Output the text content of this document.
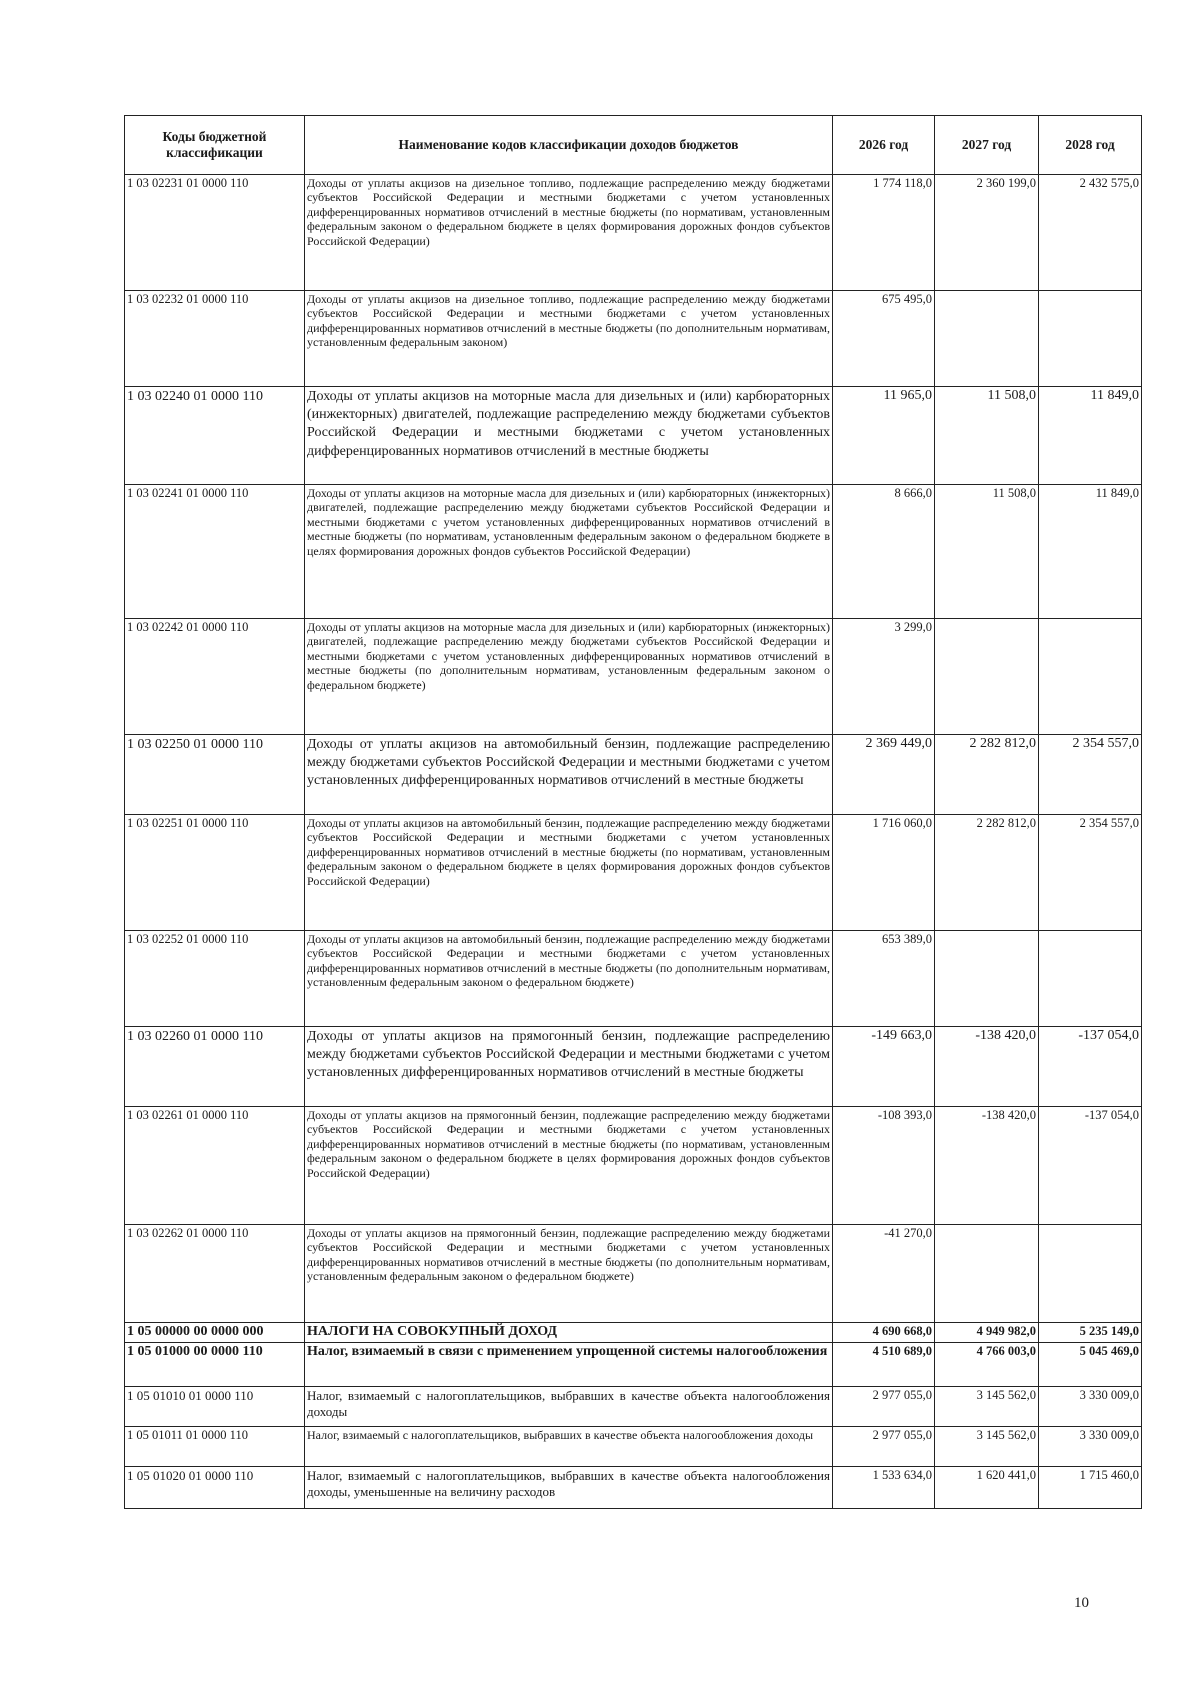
Коды бюджетной классификации	Наименование кодов классификации доходов бюджетов	2026 год	2027 год	2028 год
1 03 02231 01 0000 110	Доходы от уплаты акцизов на дизельное топливо, подлежащие распределению между бюджетами субъектов Российской Федерации и местными бюджетами с учетом установленных дифференцированных нормативов отчислений в местные бюджеты (по нормативам, установленным федеральным законом о федеральном бюджете в целях формирования дорожных фондов субъектов Российской Федерации)	1 774 118,0	2 360 199,0	2 432 575,0
1 03 02232 01 0000 110	Доходы от уплаты акцизов на дизельное топливо, подлежащие распределению между бюджетами субъектов Российской Федерации и местными бюджетами с учетом установленных дифференцированных нормативов отчислений в местные бюджеты (по дополнительным нормативам, установленным федеральным законом)	675 495,0		
1 03 02240 01 0000 110	Доходы от уплаты акцизов на моторные масла для дизельных и (или) карбюраторных (инжекторных) двигателей, подлежащие распределению между бюджетами субъектов Российской Федерации и местными бюджетами с учетом установленных дифференцированных нормативов отчислений в местные бюджеты	11 965,0	11 508,0	11 849,0
1 03 02241 01 0000 110	Доходы от уплаты акцизов на моторные масла для дизельных и (или) карбюраторных (инжекторных) двигателей, подлежащие распределению между бюджетами субъектов Российской Федерации и местными бюджетами с учетом установленных дифференцированных нормативов отчислений в местные бюджеты (по нормативам, установленным федеральным законом о федеральном бюджете в целях формирования дорожных фондов субъектов Российской Федерации)	8 666,0	11 508,0	11 849,0
1 03 02242 01 0000 110	Доходы от уплаты акцизов на моторные масла для дизельных и (или) карбюраторных (инжекторных) двигателей, подлежащие распределению между бюджетами субъектов Российской Федерации и местными бюджетами с учетом установленных дифференцированных нормативов отчислений в местные бюджеты (по дополнительным нормативам, установленным федеральным законом о федеральном бюджете)	3 299,0		
1 03 02250 01 0000 110	Доходы от уплаты акцизов на автомобильный бензин, подлежащие распределению между бюджетами субъектов Российской Федерации и местными бюджетами с учетом установленных дифференцированных нормативов отчислений в местные бюджеты	2 369 449,0	2 282 812,0	2 354 557,0
1 03 02251 01 0000 110	Доходы от уплаты акцизов на автомобильный бензин, подлежащие распределению между бюджетами субъектов Российской Федерации и местными бюджетами с учетом установленных дифференцированных нормативов отчислений в местные бюджеты (по нормативам, установленным федеральным законом о федеральном бюджете в целях формирования дорожных фондов субъектов Российской Федерации)	1 716 060,0	2 282 812,0	2 354 557,0
1 03 02252 01 0000 110	Доходы от уплаты акцизов на автомобильный бензин, подлежащие распределению между бюджетами субъектов Российской Федерации и местными бюджетами с учетом установленных дифференцированных нормативов отчислений в местные бюджеты (по дополнительным нормативам, установленным федеральным законом о федеральном бюджете)	653 389,0		
1 03 02260 01 0000 110	Доходы от уплаты акцизов на прямогонный бензин, подлежащие распределению между бюджетами субъектов Российской Федерации и местными бюджетами с учетом установленных дифференцированных нормативов отчислений в местные бюджеты	-149 663,0	-138 420,0	-137 054,0
1 03 02261 01 0000 110	Доходы от уплаты акцизов на прямогонный бензин, подлежащие распределению между бюджетами субъектов Российской Федерации и местными бюджетами с учетом установленных дифференцированных нормативов отчислений в местные бюджеты (по нормативам, установленным федеральным законом о федеральном бюджете в целях формирования дорожных фондов субъектов Российской Федерации)	-108 393,0	-138 420,0	-137 054,0
1 03 02262 01 0000 110	Доходы от уплаты акцизов на прямогонный бензин, подлежащие распределению между бюджетами субъектов Российской Федерации и местными бюджетами с учетом установленных дифференцированных нормативов отчислений в местные бюджеты (по дополнительным нормативам, установленным федеральным законом о федеральном бюджете)	-41 270,0		
1 05 00000 00 0000 000	НАЛОГИ НА СОВОКУПНЫЙ ДОХОД	4 690 668,0	4 949 982,0	5 235 149,0
1 05 01000 00 0000 110	Налог, взимаемый в связи с применением упрощенной системы налогообложения	4 510 689,0	4 766 003,0	5 045 469,0
1 05 01010 01 0000 110	Налог, взимаемый с налогоплательщиков, выбравших в качестве объекта налогообложения доходы	2 977 055,0	3 145 562,0	3 330 009,0
1 05 01011 01 0000 110	Налог, взимаемый с налогоплательщиков, выбравших в качестве объекта налогообложения доходы	2 977 055,0	3 145 562,0	3 330 009,0
1 05 01020 01 0000 110	Налог, взимаемый с налогоплательщиков, выбравших в качестве объекта налогообложения доходы, уменьшенные на величину расходов	1 533 634,0	1 620 441,0	1 715 460,0
10
